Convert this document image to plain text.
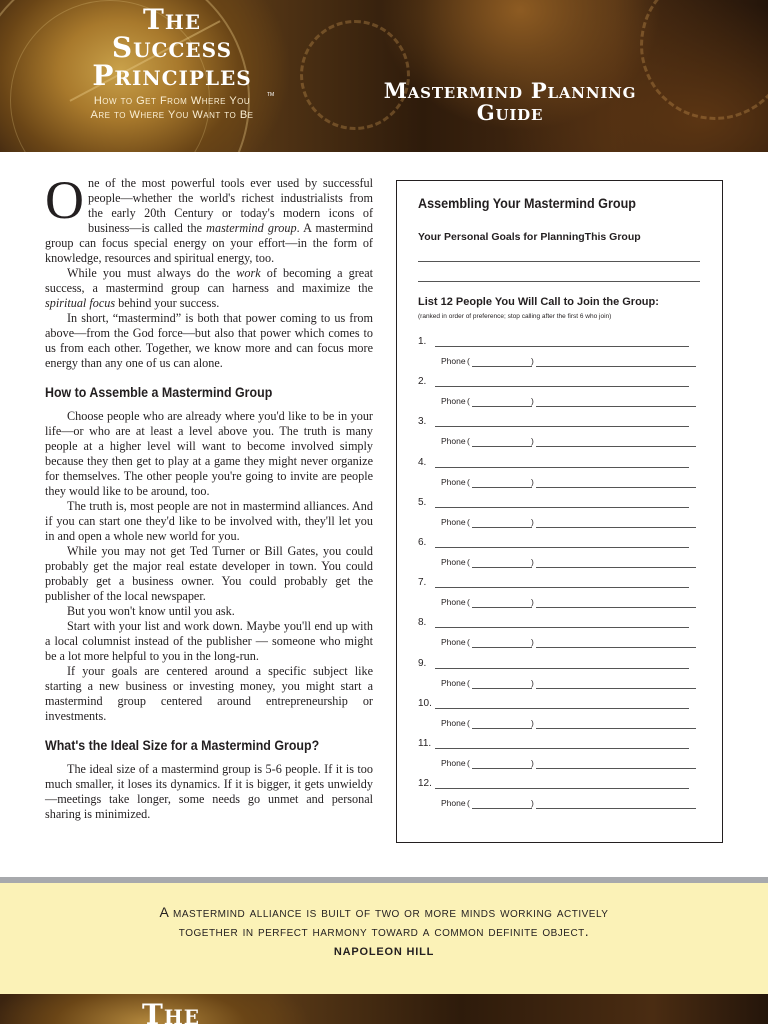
The
Success
Principles
How to Get From Where You
Are to Where You Want to Be
TM	Mastermind Planning
Guide

One of the most powerful tools ever used by successful people—whether the world's richest industrialists from the early 20th Century or today's modern icons of business—is called the mastermind group. A mastermind group can focus special energy on your effort—in the form of knowledge, resources and spiritual energy, too.

While you must always do the work of becoming a great success, a mastermind group can harness and maximize the spiritual focus behind your success.

In short, “mastermind” is both that power coming to us from above—from the God force—but also that power which comes to us from each other. Together, we know more and can focus more energy than any one of us can alone.

How to Assemble a Mastermind Group

Choose people who are already where you'd like to be in your life—or who are at least a level above you. The truth is many people at a higher level will want to become involved simply because they then get to play at a game they might never organize for themselves. The other people you're going to invite are people they would like to be around, too.

The truth is, most people are not in mastermind alliances. And if you can start one they'd like to be involved with, they'll let you in and open a whole new world for you.

While you may not get Ted Turner or Bill Gates, you could probably get the major real estate developer in town. You could probably get a business owner. You could probably get the publisher of the local newspaper.

But you won't know until you ask.

Start with your list and work down. Maybe you'll end up with a local columnist instead of the publisher — someone who might be a lot more helpful to you in the long-run.

If your goals are centered around a specific subject like starting a new business or investing money, you might start a mastermind group centered around entrepreneurship or investments.

What's the Ideal Size for a Mastermind Group?

The ideal size of a mastermind group is 5-6 people. If it is too much smaller, it loses its dynamics. If it is bigger, it gets unwieldy—meetings take longer, some needs go unmet and personal sharing is minimized.

Assembling Your Mastermind Group
Your Personal Goals for PlanningThis Group
List 12 People You Will Call to Join the Group:
(ranked in order of preference; stop calling after the first 6 who join)
1.
Phone (	)
2.
Phone (	)
3.
Phone (	)
4.
Phone (	)
5.
Phone (	)
6.
Phone (	)
7.
Phone (	)
8.
Phone (	)
9.
Phone (	)
10.
Phone (	)
11.
Phone (	)
12.
Phone (	)
A mastermind alliance is built of two or more minds working actively
together in perfect harmony toward a common definite object.
NAPOLEON HILL
The
